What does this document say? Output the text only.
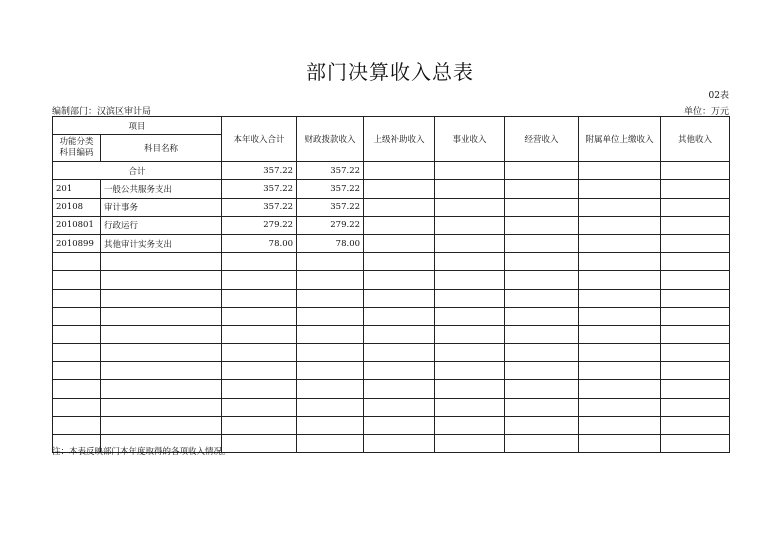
部门决算收入总表
02表
编制部门：汉滨区审计局	单位：万元
项目		本年收入合计	财政拨款收入	上级补助收入	事业收入	经营收入	附属单位上缴收入	其他收入
功能分类
科目编码	科目名称							
合计		357.22	357.22					
201	一般公共服务支出	357.22	357.22					
20108	审计事务	357.22	357.22					
2010801	行政运行	279.22	279.22					
2010899	其他审计实务支出	78.00	78.00					

注：本表反映部门本年度取得的各项收入情况。
